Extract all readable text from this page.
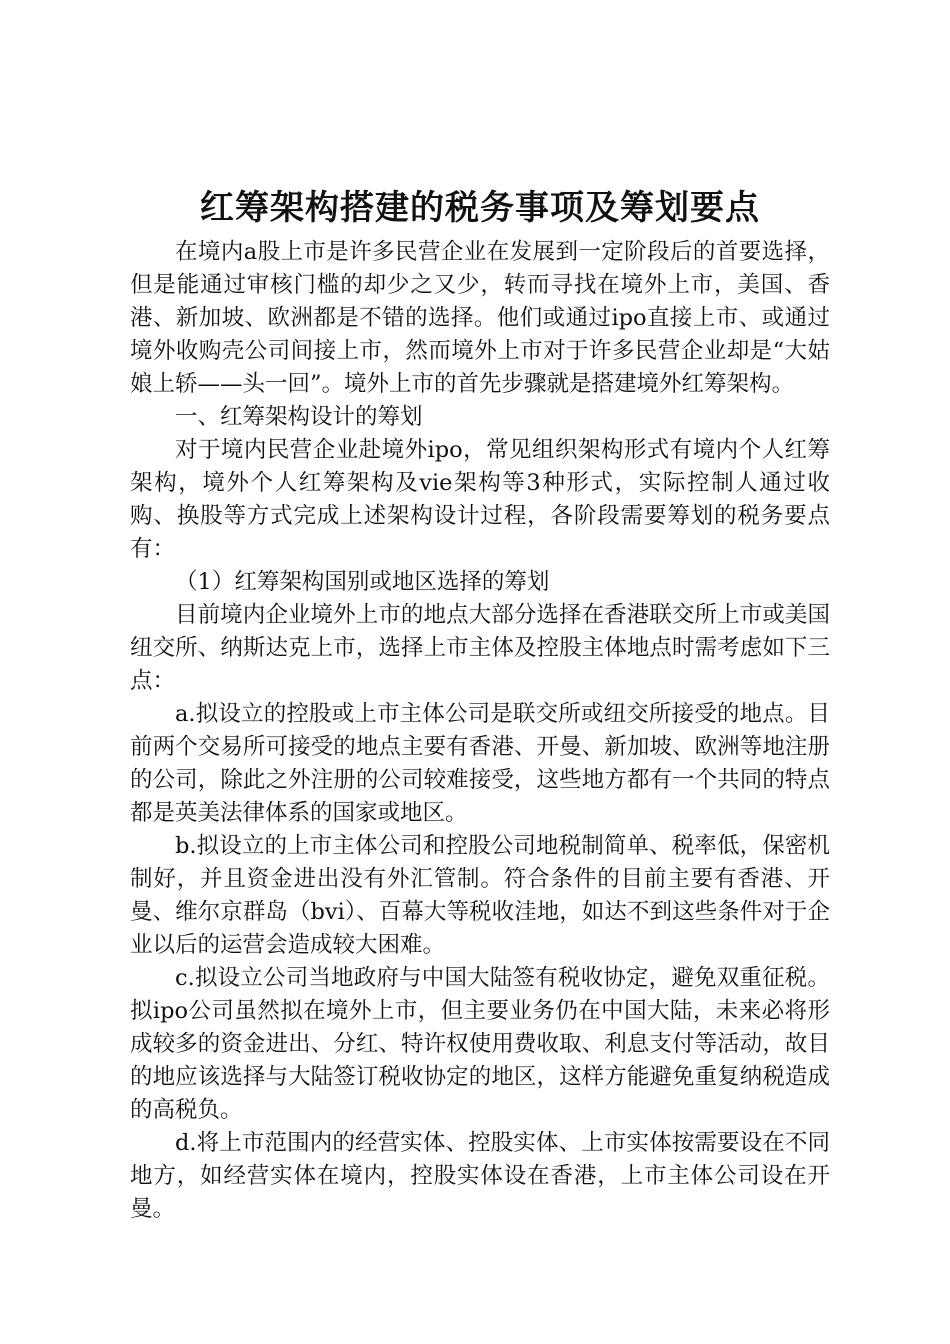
红筹架构搭建的税务事项及筹划要点

在境内a股上市是许多民营企业在发展到一定阶段后的首要选择，但是能通过审核门槛的却少之又少，转而寻找在境外上市，美国、香港、新加坡、欧洲都是不错的选择。他们或通过ipo直接上市、或通过境外收购壳公司间接上市，然而境外上市对于许多民营企业却是“大姑娘上轿——头一回”。境外上市的首先步骤就是搭建境外红筹架构。

一、红筹架构设计的筹划

对于境内民营企业赴境外ipo，常见组织架构形式有境内个人红筹架构，境外个人红筹架构及vie架构等3种形式，实际控制人通过收购、换股等方式完成上述架构设计过程，各阶段需要筹划的税务要点有：

（1）红筹架构国别或地区选择的筹划

目前境内企业境外上市的地点大部分选择在香港联交所上市或美国纽交所、纳斯达克上市，选择上市主体及控股主体地点时需考虑如下三点：

a.拟设立的控股或上市主体公司是联交所或纽交所接受的地点。目前两个交易所可接受的地点主要有香港、开曼、新加坡、欧洲等地注册的公司，除此之外注册的公司较难接受，这些地方都有一个共同的特点都是英美法律体系的国家或地区。

b.拟设立的上市主体公司和控股公司地税制简单、税率低，保密机制好，并且资金进出没有外汇管制。符合条件的目前主要有香港、开曼、维尔京群岛（bvi）、百幕大等税收洼地，如达不到这些条件对于企业以后的运营会造成较大困难。

c.拟设立公司当地政府与中国大陆签有税收协定，避免双重征税。拟ipo公司虽然拟在境外上市，但主要业务仍在中国大陆，未来必将形成较多的资金进出、分红、特许权使用费收取、利息支付等活动，故目的地应该选择与大陆签订税收协定的地区，这样方能避免重复纳税造成的高税负。

d.将上市范围内的经营实体、控股实体、上市实体按需要设在不同地方，如经营实体在境内，控股实体设在香港，上市主体公司设在开曼。
